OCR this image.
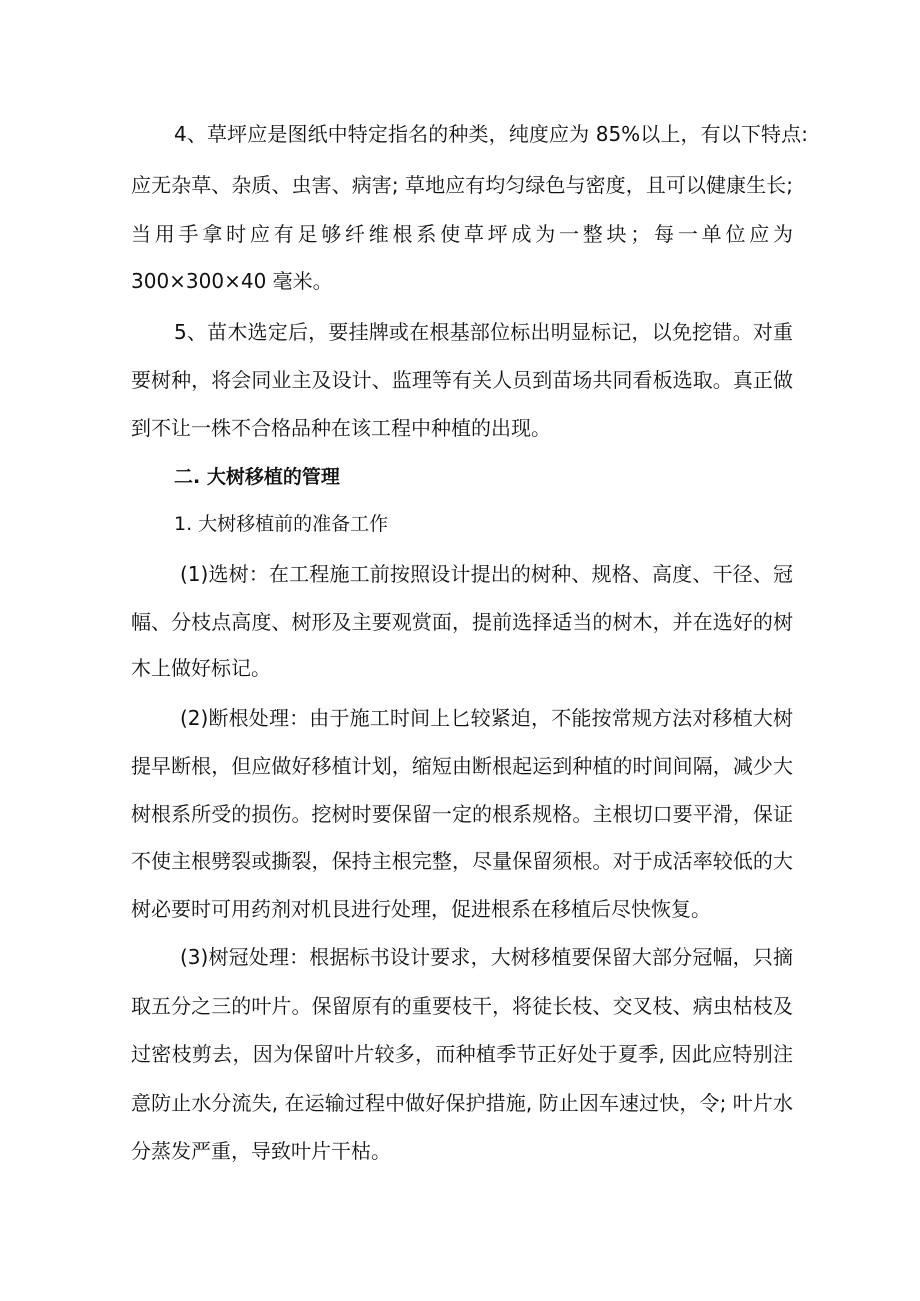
4、草坪应是图纸中特定指名的种类，纯度应为 85%以上，有以下特点:
应无杂草、杂质、虫害、病害; 草地应有均匀绿色与密度，且可以健康生长;
当用手拿时应有足够纤维根系使草坪成为一整块；每一单位应为
300×300×40 毫米。
5、苗木选定后，要挂牌或在根基部位标出明显标记，以免挖错。对重
要树种，将会同业主及设计、监理等有关人员到苗场共同看板选取。真正做
到不让一株不合格品种在该工程中种植的出现。
二. 大树移植的管理
1. 大树移植前的准备工作
(1)选树：在工程施工前按照设计提出的树种、规格、高度、干径、冠
幅、分枝点高度、树形及主要观赏面，提前选择适当的树木，并在选好的树
木上做好标记。
(2)断根处理：由于施工时间上匕较紧迫，不能按常规方法对移植大树
提早断根，但应做好移植计划，缩短由断根起运到种植的时间间隔，减少大
树根系所受的损伤。挖树时要保留一定的根系规格。主根切口要平滑，保证
不使主根劈裂或撕裂，保持主根完整，尽量保留须根。对于成活率较低的大
树必要时可用药剂对机艮进行处理，促进根系在移植后尽快恢复。
(3)树冠处理：根据标书设计要求，大树移植要保留大部分冠幅，只摘
取五分之三的叶片。保留原有的重要枝干，将徒长枝、交叉枝、病虫枯枝及
过密枝剪去，因为保留叶片较多，而种植季节正好处于夏季, 因此应特别注
意防止水分流失, 在运输过程中做好保护措施, 防止因车速过快，令; 叶片水
分蒸发严重，导致叶片干枯。
